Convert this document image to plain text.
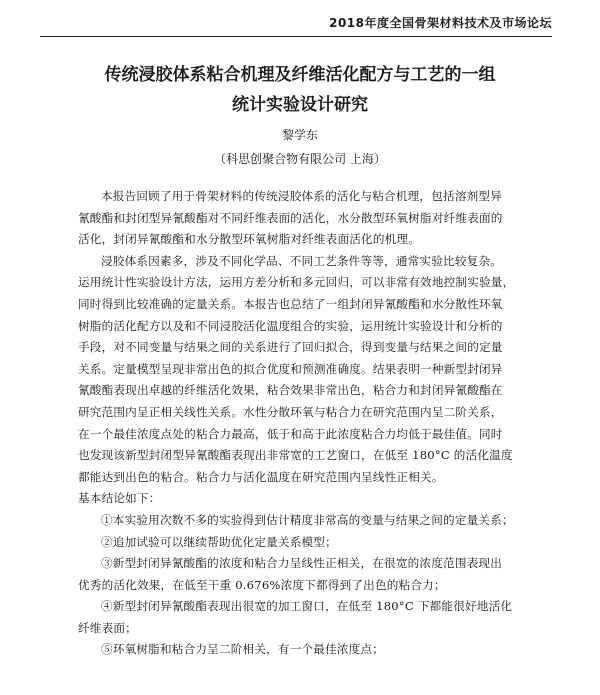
2018年度全国骨架材料技术及市场论坛
传统浸胶体系粘合机理及纤维活化配方与工艺的一组
统计实验设计研究
黎学东
（科思创聚合物有限公司 上海）
本报告回顾了用于骨架材料的传统浸胶体系的活化与粘合机理，包括溶剂型异
氰酸酯和封闭型异氰酸酯对不同纤维表面的活化，水分散型环氧树脂对纤维表面的
活化，封闭异氰酸酯和水分散型环氧树脂对纤维表面活化的机理。
浸胶体系因素多，涉及不同化学品、不同工艺条件等等，通常实验比较复杂。
运用统计性实验设计方法，运用方差分析和多元回归，可以非常有效地控制实验量，
同时得到比较准确的定量关系。本报告也总结了一组封闭异氰酸酯和水分散性环氧
树脂的活化配方以及和不同浸胶活化温度组合的实验，运用统计实验设计和分析的
手段，对不同变量与结果之间的关系进行了回归拟合，得到变量与结果之间的定量
关系。定量模型呈现非常出色的拟合优度和预测准确度。结果表明一种新型封闭异
氰酸酯表现出卓越的纤维活化效果，粘合效果非常出色，粘合力和封闭异氰酸酯在
研究范围内呈正相关线性关系。水性分散环氧与粘合力在研究范围内呈二阶关系，
在一个最佳浓度点处的粘合力最高，低于和高于此浓度粘合力均低于最佳值。同时
也发现该新型封闭型异氰酸酯表现出非常宽的工艺窗口，在低至 180°C 的活化温度
都能达到出色的粘合。粘合力与活化温度在研究范围内呈线性正相关。
基本结论如下：
①本实验用次数不多的实验得到估计精度非常高的变量与结果之间的定量关系；
②追加试验可以继续帮助优化定量关系模型；
③新型封闭异氰酸酯的浓度和粘合力呈线性正相关，在很宽的浓度范围表现出
优秀的活化效果，在低至干重 0.676%浓度下都得到了出色的粘合力；
④新型封闭异氰酸酯表现出很宽的加工窗口，在低至 180°C 下都能很好地活化
纤维表面；
⑤环氧树脂和粘合力呈二阶相关，有一个最佳浓度点；
